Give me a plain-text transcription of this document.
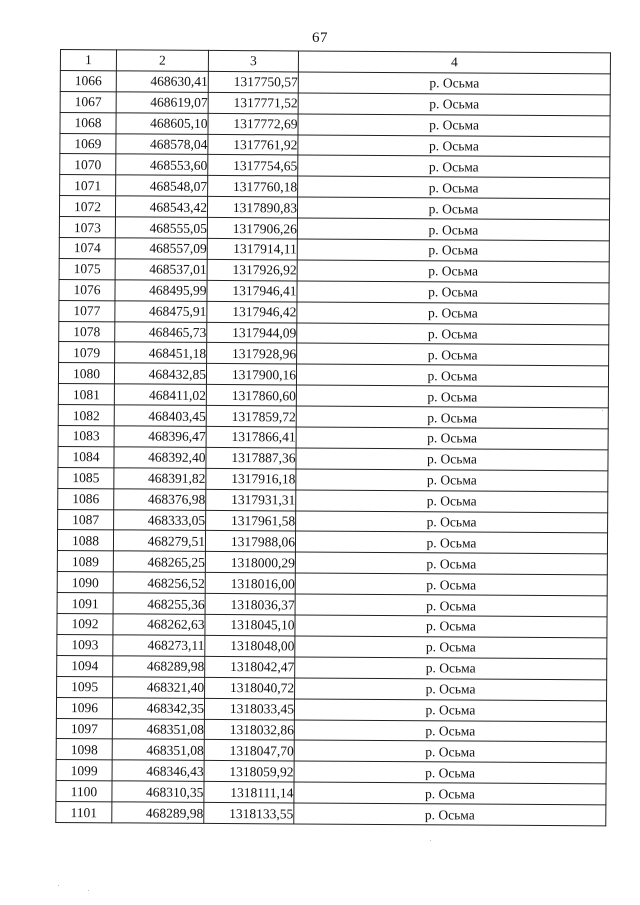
67
1	2	3	4
1066	468630,41	1317750,57	р. Осьма
1067	468619,07	1317771,52	р. Осьма
1068	468605,10	1317772,69	р. Осьма
1069	468578,04	1317761,92	р. Осьма
1070	468553,60	1317754,65	р. Осьма
1071	468548,07	1317760,18	р. Осьма
1072	468543,42	1317890,83	р. Осьма
1073	468555,05	1317906,26	р. Осьма
1074	468557,09	1317914,11	р. Осьма
1075	468537,01	1317926,92	р. Осьма
1076	468495,99	1317946,41	р. Осьма
1077	468475,91	1317946,42	р. Осьма
1078	468465,73	1317944,09	р. Осьма
1079	468451,18	1317928,96	р. Осьма
1080	468432,85	1317900,16	р. Осьма
1081	468411,02	1317860,60	р. Осьма
1082	468403,45	1317859,72	р. Осьма
1083	468396,47	1317866,41	р. Осьма
1084	468392,40	1317887,36	р. Осьма
1085	468391,82	1317916,18	р. Осьма
1086	468376,98	1317931,31	р. Осьма
1087	468333,05	1317961,58	р. Осьма
1088	468279,51	1317988,06	р. Осьма
1089	468265,25	1318000,29	р. Осьма
1090	468256,52	1318016,00	р. Осьма
1091	468255,36	1318036,37	р. Осьма
1092	468262,63	1318045,10	р. Осьма
1093	468273,11	1318048,00	р. Осьма
1094	468289,98	1318042,47	р. Осьма
1095	468321,40	1318040,72	р. Осьма
1096	468342,35	1318033,45	р. Осьма
1097	468351,08	1318032,86	р. Осьма
1098	468351,08	1318047,70	р. Осьма
1099	468346,43	1318059,92	р. Осьма
1100	468310,35	1318111,14	р. Осьма
1101	468289,98	1318133,55	р. Осьма
